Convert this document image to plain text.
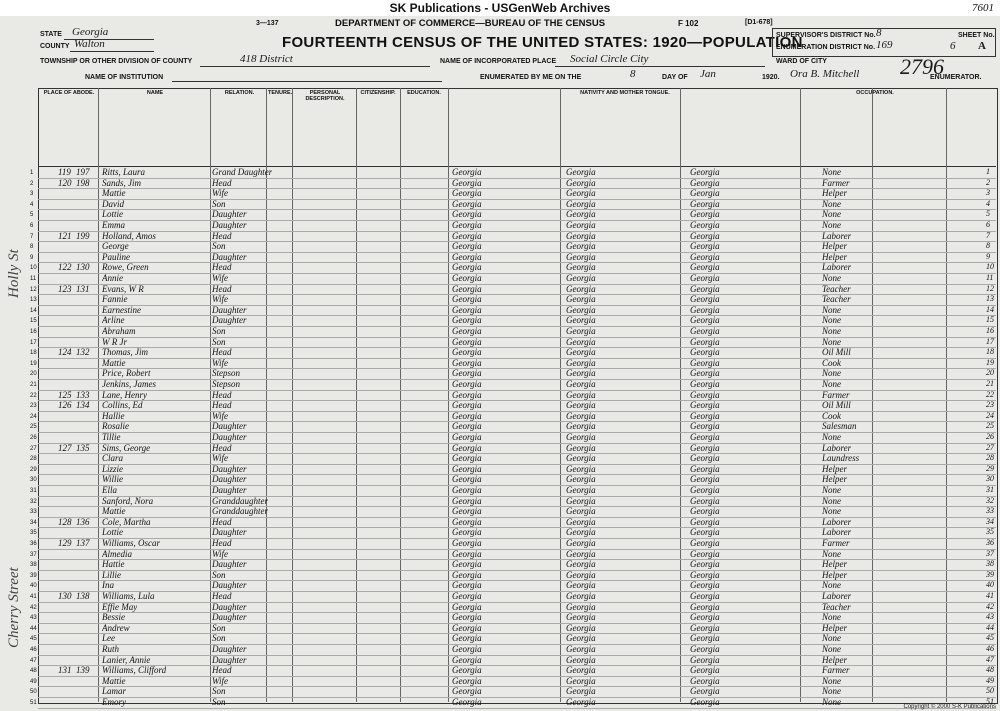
SK Publications - USGenWeb Archives	7601
3—137	DEPARTMENT OF COMMERCE—BUREAU OF THE CENSUS	F 102	[D1-678]
FOURTEENTH CENSUS OF THE UNITED STATES: 1920—POPULATION
STATE Georgia
COUNTY Walton
TOWNSHIP OR OTHER DIVISION OF COUNTY	418 District	NAME OF INCORPORATED PLACE Social Circle City
NAME OF INSTITUTION	ENUMERATED BY ME ON THE	8	DAY OF Jan	1920. Ora B. Mitchell	ENUMERATOR.
SUPERVISOR'S DISTRICT No. 8
ENUMERATION DISTRICT No. 169
WARD OF CITY
SHEET No.
6 A
2796
PLACE OF ABODE.	NAME	RELATION.	TENURE.	PERSONAL DESCRIPTION.
CITIZENSHIP.	EDUCATION.	NATIVITY AND MOTHER TONGUE.	OCCUPATION.
Holly St
Cherry Street
1	119 197 Ritts, Laura	Grand Daughter	Georgia	Georgia	Georgia	None	1
2	120 198 Sands, Jim	Head	Georgia	Georgia	Georgia	Farmer	2
3	Mattie	Wife	Georgia	Georgia	Georgia	Helper	3
4	David	Son	Georgia	Georgia	Georgia	None	4
5	Lottie	Daughter	Georgia	Georgia	Georgia	None	5
6	Emma	Daughter	Georgia	Georgia	Georgia	None	6
7	121 199 Holland, Amos	Head	Georgia	Georgia	Georgia	Laborer	7
8	George	Son	Georgia	Georgia	Georgia	Helper	8
9	Pauline	Daughter	Georgia	Georgia	Georgia	Helper	9
10 122 130 Rowe, Green	Head	Georgia	Georgia	Georgia	Laborer	10
11	Annie	Wife	Georgia	Georgia	Georgia	None	11
12 123 131 Evans, W R	Head	Georgia	Georgia	Georgia	Teacher	12
13	Fannie	Wife	Georgia	Georgia	Georgia	Teacher	13
14	Earnestine	Daughter	Georgia	Georgia	Georgia	None	14
15	Arline	Daughter	Georgia	Georgia	Georgia	None	15
16	Abraham	Son	Georgia	Georgia	Georgia	None	16
17	W R Jr	Son	Georgia	Georgia	Georgia	None	17
18 124 132 Thomas, Jim	Head	Georgia	Georgia	Georgia	Oil Mill	18
19	Mattie	Wife	Georgia	Georgia	Georgia	Cook	19
20	Price, Robert	Stepson	Georgia	Georgia	Georgia	None	20
21	Jenkins, James	Stepson	Georgia	Georgia	Georgia	None	21
22 125 133 Lane, Henry	Head	Georgia	Georgia	Georgia	Farmer	22
23 126 134 Collins, Ed	Head	Georgia	Georgia	Georgia	Oil Mill	23
24	Hallie	Wife	Georgia	Georgia	Georgia	Cook	24
25	Rosalie	Daughter	Georgia	Georgia	Georgia	Salesman	25
26	Tillie	Daughter	Georgia	Georgia	Georgia	None	26
27 127 135 Sims, George	Head	Georgia	Georgia	Georgia	Laborer	27
28	Clara	Wife	Georgia	Georgia	Georgia	Laundress	28
29	Lizzie	Daughter	Georgia	Georgia	Georgia	Helper	29
30	Willie	Daughter	Georgia	Georgia	Georgia	Helper	30
31	Ella	Daughter	Georgia	Georgia	Georgia	None	31
32	Sanford, Nora	Granddaughter	Georgia	Georgia	Georgia	None	32
33	Mattie	Granddaughter	Georgia	Georgia	Georgia	None	33
34 128 136 Cole, Martha	Head	Georgia	Georgia	Georgia	Laborer	34
35	Lottie	Daughter	Georgia	Georgia	Georgia	Laborer	35
36 129 137 Williams, Oscar	Head	Georgia	Georgia	Georgia	Farmer	36
37	Almedia	Wife	Georgia	Georgia	Georgia	None	37
38	Hattie	Daughter	Georgia	Georgia	Georgia	Helper	38
39	Lillie	Son	Georgia	Georgia	Georgia	Helper	39
40	Ina	Daughter	Georgia	Georgia	Georgia	None	40
41 130 138 Williams, Lula	Head	Georgia	Georgia	Georgia	Laborer	41
42	Effie May	Daughter	Georgia	Georgia	Georgia	Teacher	42
43	Bessie	Daughter	Georgia	Georgia	Georgia	None	43
44	Andrew	Son	Georgia	Georgia	Georgia	Helper	44
45	Lee	Son	Georgia	Georgia	Georgia	None	45
46	Ruth	Daughter	Georgia	Georgia	Georgia	None	46
47	Lanier, Annie	Daughter	Georgia	Georgia	Georgia	Helper	47
48 131 139 Williams, Clifford	Head	Georgia	Georgia	Georgia	Farmer	48
49	Mattie	Wife	Georgia	Georgia	Georgia	None	49
50	Lamar	Son	Georgia	Georgia	Georgia	None	50
51	Emory	Son	Georgia	Georgia	Georgia	None	51
Copyright © 2000 S-K Publications
